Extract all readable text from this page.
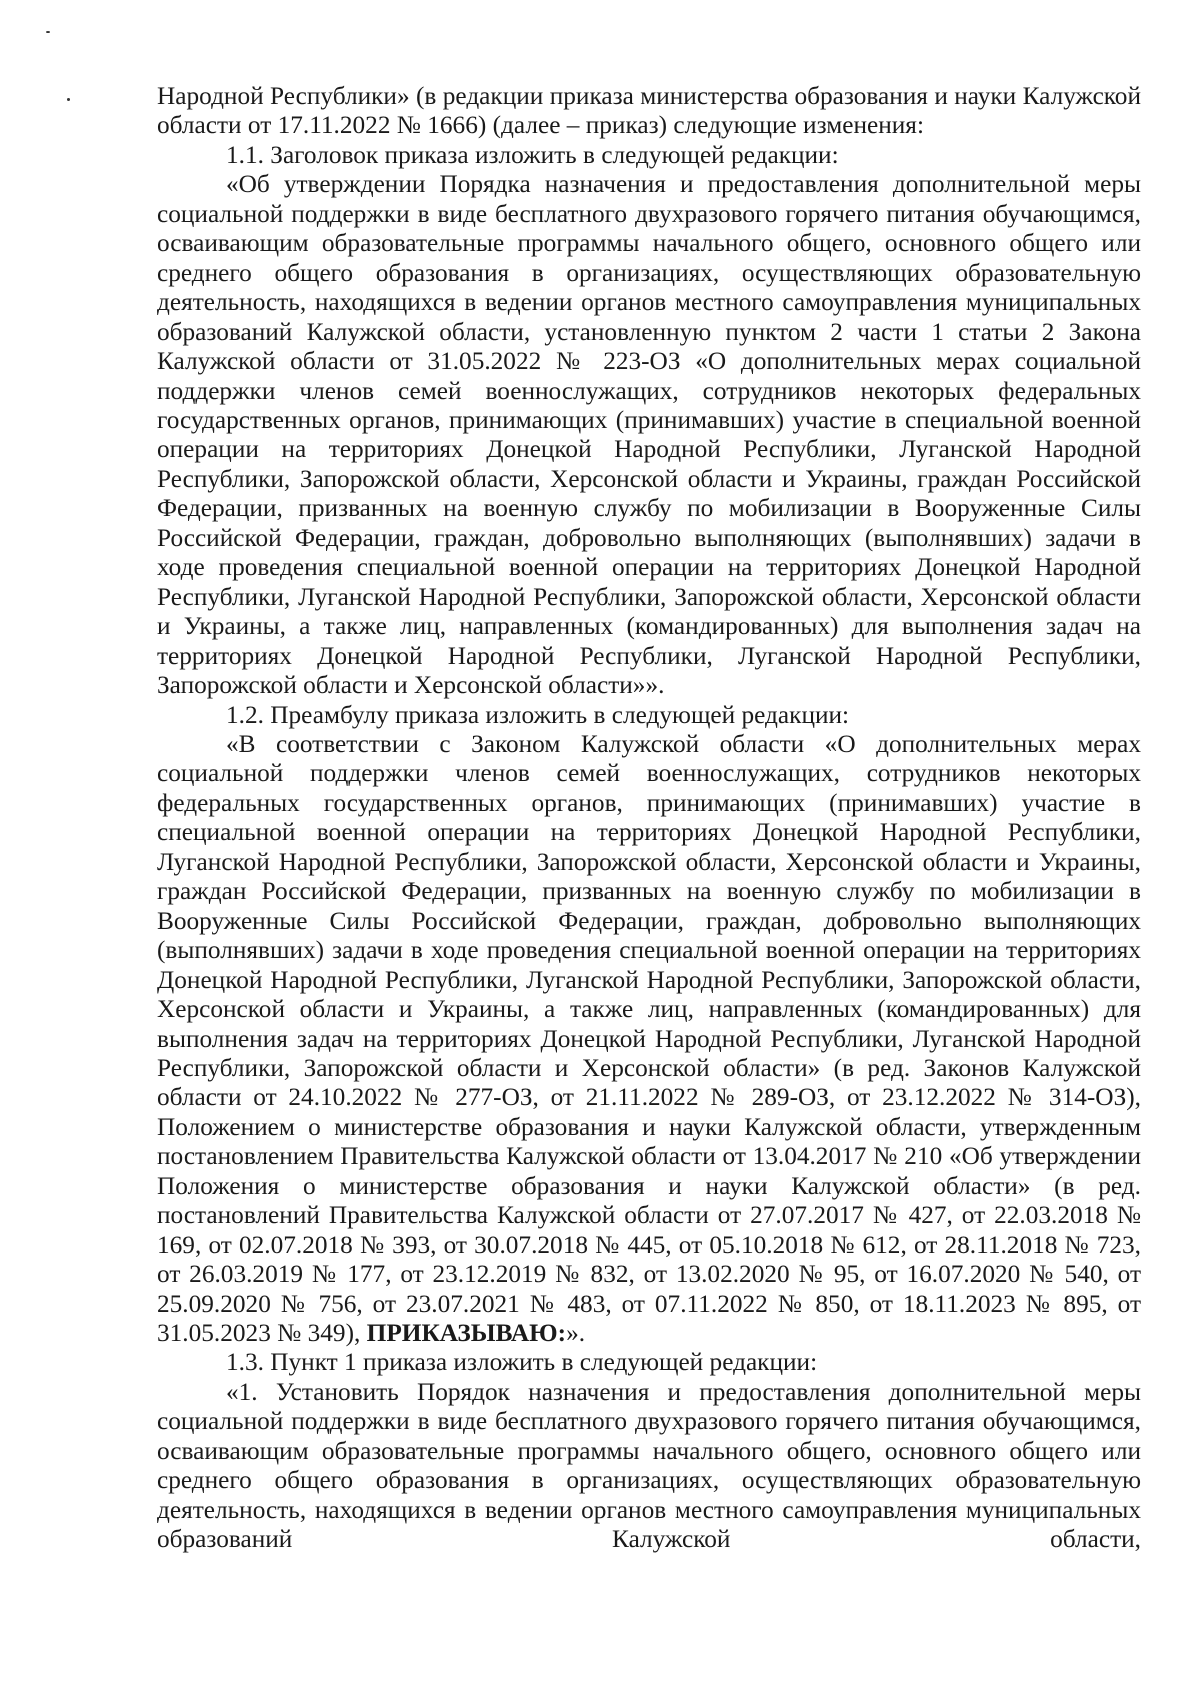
Народной Республики» (в редакции приказа министерства образования и науки Калужской области от 17.11.2022 № 1666) (далее – приказ) следующие изменения:

1.1. Заголовок приказа изложить в следующей редакции:

«Об утверждении Порядка назначения и предоставления дополнительной меры социальной поддержки в виде бесплатного двухразового горячего питания обучающимся, осваивающим образовательные программы начального общего, основного общего или среднего общего образования в организациях, осуществляющих образовательную деятельность, находящихся в ведении органов местного самоуправления муниципальных образований Калужской области, установленную пунктом 2 части 1 статьи 2 Закона Калужской области от 31.05.2022 № 223-ОЗ «О дополнительных мерах социальной поддержки членов семей военнослужащих, сотрудников некоторых федеральных государственных органов, принимающих (принимавших) участие в специальной военной операции на территориях Донецкой Народной Республики, Луганской Народной Республики, Запорожской области, Херсонской области и Украины, граждан Российской Федерации, призванных на военную службу по мобилизации в Вооруженные Силы Российской Федерации, граждан, добровольно выполняющих (выполнявших) задачи в ходе проведения специальной военной операции на территориях Донецкой Народной Республики, Луганской Народной Республики, Запорожской области, Херсонской области и Украины, а также лиц, направленных (командированных) для выполнения задач на территориях Донецкой Народной Республики, Луганской Народной Республики, Запорожской области и Херсонской области»».

1.2. Преамбулу приказа изложить в следующей редакции:

«В соответствии с Законом Калужской области «О дополнительных мерах социальной поддержки членов семей военнослужащих, сотрудников некоторых федеральных государственных органов, принимающих (принимавших) участие в специальной военной операции на территориях Донецкой Народной Республики, Луганской Народной Республики, Запорожской области, Херсонской области и Украины, граждан Российской Федерации, призванных на военную службу по мобилизации в Вооруженные Силы Российской Федерации, граждан, добровольно выполняющих (выполнявших) задачи в ходе проведения специальной военной операции на территориях Донецкой Народной Республики, Луганской Народной Республики, Запорожской области, Херсонской области и Украины, а также лиц, направленных (командированных) для выполнения задач на территориях Донецкой Народной Республики, Луганской Народной Республики, Запорожской области и Херсонской области» (в ред. Законов Калужской области от 24.10.2022 № 277-ОЗ, от 21.11.2022 № 289-ОЗ, от 23.12.2022 № 314-ОЗ), Положением о министерстве образования и науки Калужской области, утвержденным постановлением Правительства Калужской области от 13.04.2017 № 210 «Об утверждении Положения о министерстве образования и науки Калужской области» (в ред. постановлений Правительства Калужской области от 27.07.2017 № 427, от 22.03.2018 № 169, от 02.07.2018 № 393, от 30.07.2018 № 445, от 05.10.2018 № 612, от 28.11.2018 № 723, от 26.03.2019 № 177, от 23.12.2019 № 832, от 13.02.2020 № 95, от 16.07.2020 № 540, от 25.09.2020 № 756, от 23.07.2021 № 483, от 07.11.2022 № 850, от 18.11.2023 № 895, от 31.05.2023 № 349), ПРИКАЗЫВАЮ:».

1.3. Пункт 1 приказа изложить в следующей редакции:

«1. Установить Порядок назначения и предоставления дополнительной меры социальной поддержки в виде бесплатного двухразового горячего питания обучающимся, осваивающим образовательные программы начального общего, основного общего или среднего общего образования в организациях, осуществляющих образовательную деятельность, находящихся в ведении органов местного самоуправления муниципальных образований Калужской области,
